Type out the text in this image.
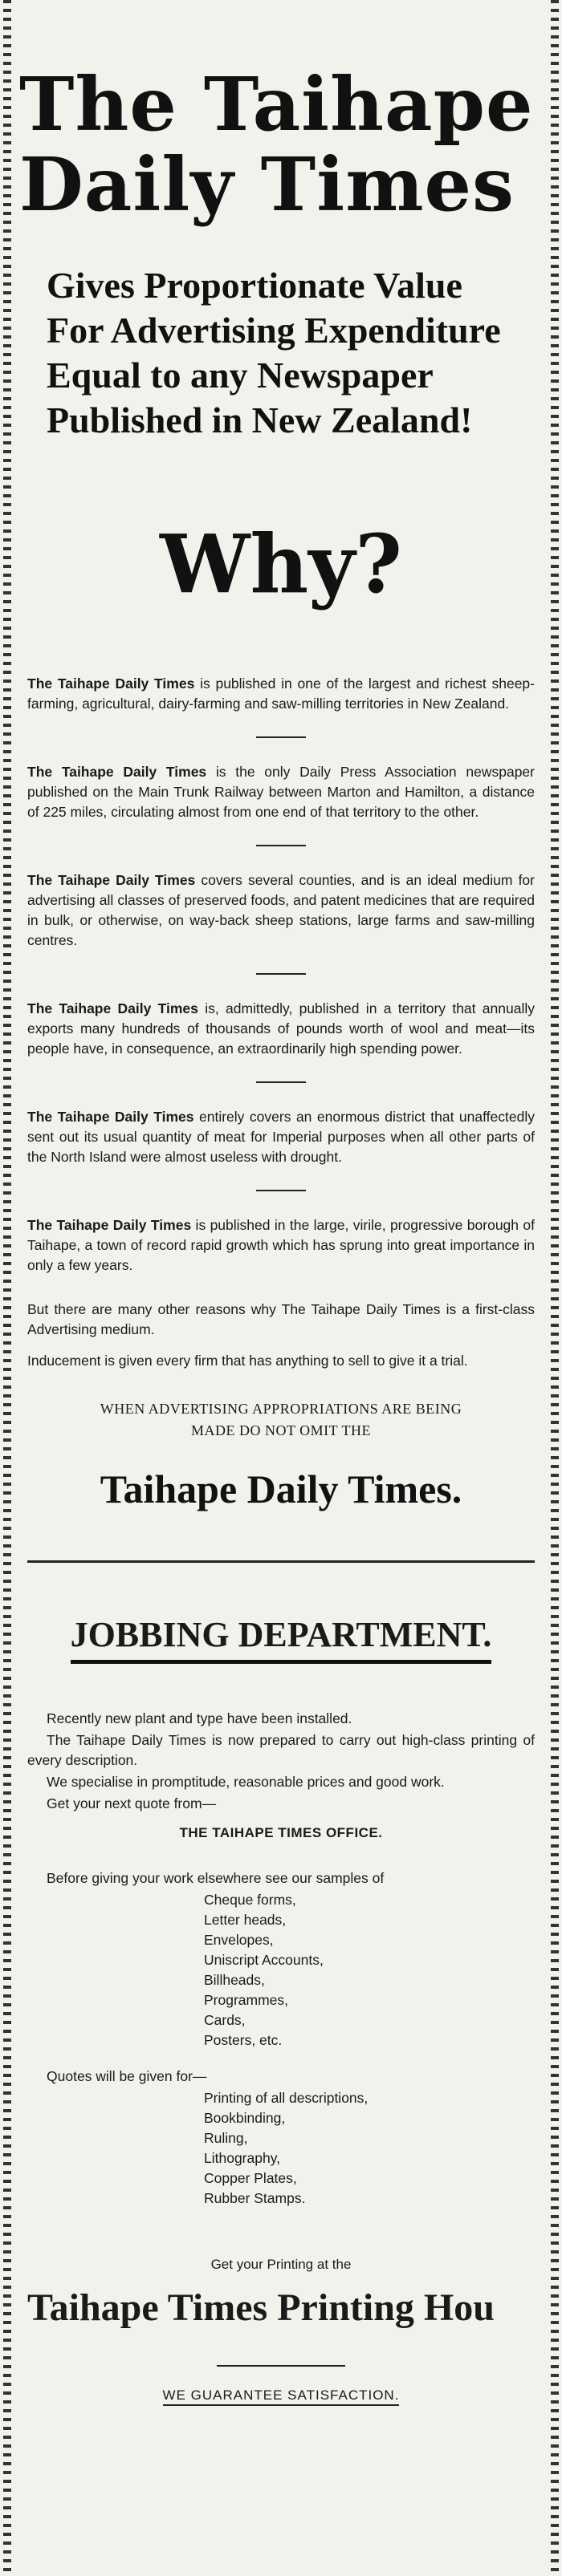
The Taihape
Daily Times
Gives Proportionate Value
For Advertising Expenditure
Equal to any Newspaper
Published in New Zealand!
Why?

The Taihape Daily Times is published in one of the largest and richest sheep-farming, agricultural, dairy-farming and saw-milling territories in New Zealand.

The Taihape Daily Times is the only Daily Press Association newspaper published on the Main Trunk Railway between Marton and Hamilton, a distance of 225 miles, circulating almost from one end of that territory to the other.

The Taihape Daily Times covers several counties, and is an ideal medium for advertising all classes of preserved foods, and patent medicines that are required in bulk, or otherwise, on way-back sheep stations, large farms and saw-milling centres.

The Taihape Daily Times is, admittedly, published in a territory that annually exports many hundreds of thousands of pounds worth of wool and meat—its people have, in consequence, an extraordinarily high spending power.

The Taihape Daily Times entirely covers an enormous district that unaffectedly sent out its usual quantity of meat for Imperial purposes when all other parts of the North Island were almost useless with drought.

The Taihape Daily Times is published in the large, virile, progressive borough of Taihape, a town of record rapid growth which has sprung into great importance in only a few years.

But there are many other reasons why The Taihape Daily Times is a first-class Advertising medium.

Inducement is given every firm that has anything to sell to give it a trial.

WHEN ADVERTISING APPROPRIATIONS ARE BEING
MADE DO NOT OMIT THE
Taihape Daily Times.
JOBBING DEPARTMENT.

Recently new plant and type have been installed.

The Taihape Daily Times is now prepared to carry out high-class printing of every description.

We specialise in promptitude, reasonable prices and good work.

Get your next quote from—

THE TAIHAPE TIMES OFFICE.

Before giving your work elsewhere see our samples of

Cheque forms,
Letter heads,
Envelopes,
Uniscript Accounts,
Billheads,
Programmes,
Cards,
Posters, etc.

Quotes will be given for—

Printing of all descriptions,
Bookbinding,
Ruling,
Lithography,
Copper Plates,
Rubber Stamps.
Get your Printing at the
Taihape Times Printing Hou
WE GUARANTEE SATISFACTION.
